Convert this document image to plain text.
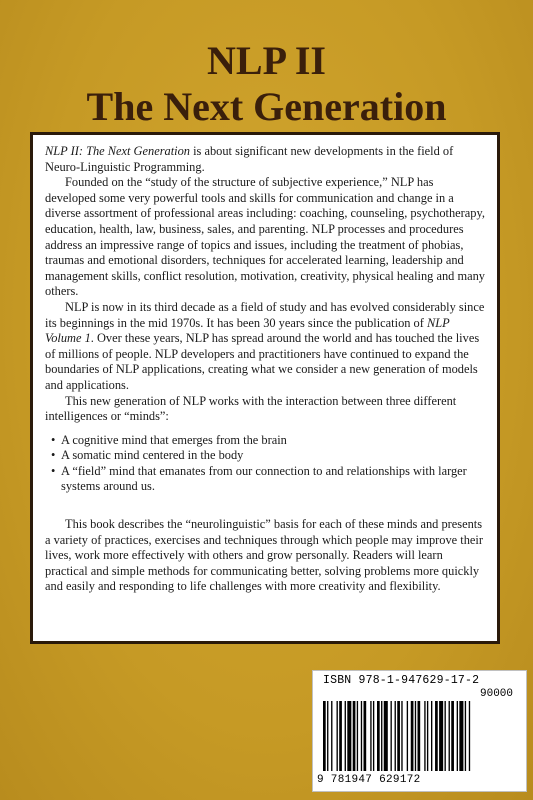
NLP II
The Next Generation

NLP II: The Next Generation is about significant new developments in the field of Neuro-Linguistic Programming.

Founded on the “study of the structure of subjective experience,” NLP has developed some very powerful tools and skills for communication and change in a diverse assortment of professional areas including: coaching, counseling, psychotherapy, education, health, law, business, sales, and parenting. NLP processes and procedures address an impressive range of topics and issues, including the treatment of phobias, traumas and emotional disorders, techniques for accelerated learning, leadership and management skills, conflict resolution, motivation, creativity, physical healing and many others.

NLP is now in its third decade as a field of study and has evolved considerably since its beginnings in the mid 1970s. It has been 30 years since the publication of NLP Volume 1. Over these years, NLP has spread around the world and has touched the lives of millions of people. NLP developers and practitioners have continued to expand the boundaries of NLP applications, creating what we consider a new generation of models and applications.

This new generation of NLP works with the interaction between three different intelligences or “minds”:

• A cognitive mind that emerges from the brain
• A somatic mind centered in the body
• A “field” mind that emanates from our connection to and relationships with larger systems around us.

This book describes the “neurolinguistic” basis for each of these minds and presents a variety of practices, exercises and techniques through which people may improve their lives, work more effectively with others and grow personally. Readers will learn practical and simple methods for communicating better, solving problems more quickly and easily and responding to life challenges with more creativity and flexibility.

ISBN 978-1-947629-17-2
90000
9 781947 629172
